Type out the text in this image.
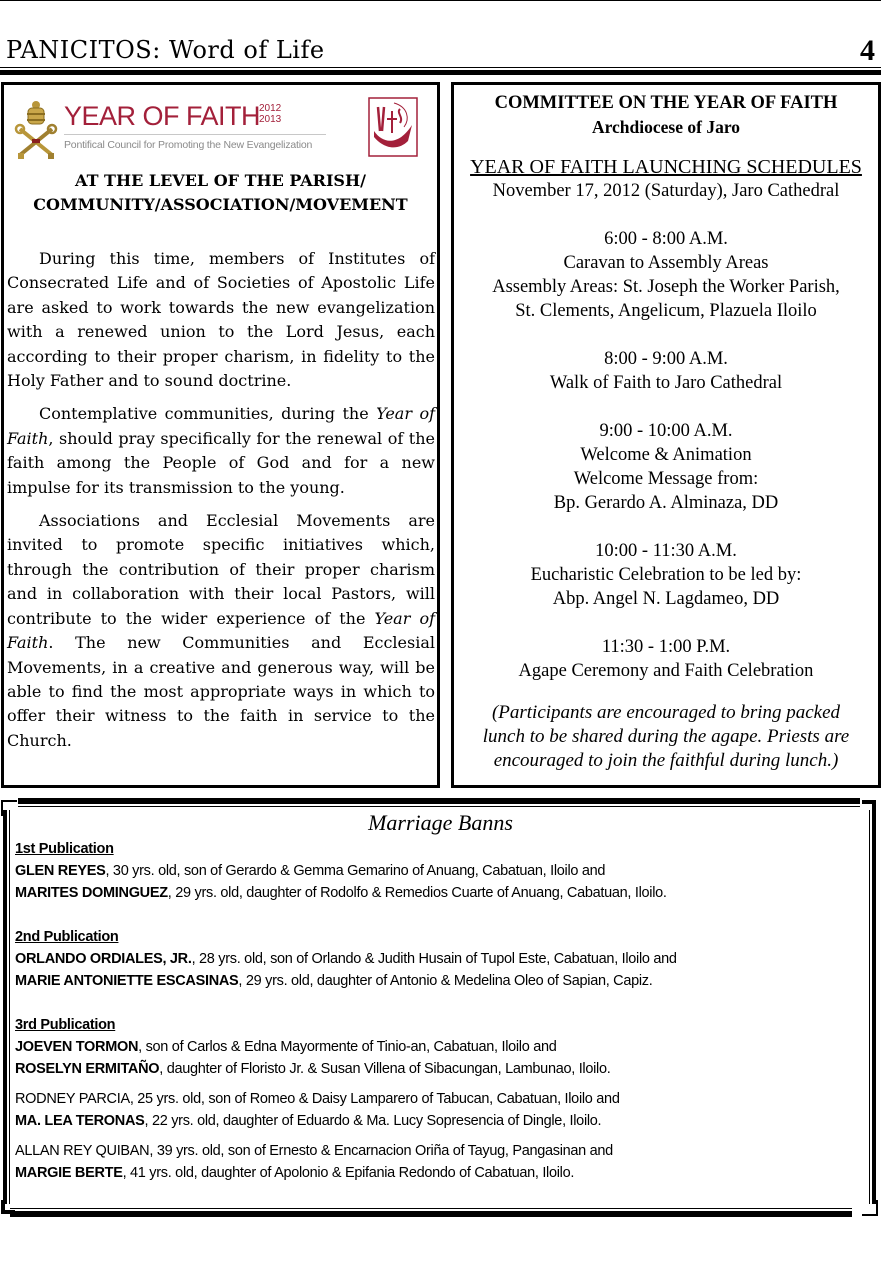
PANICITOS: Word of Life	4
YEAR OF FAITH
2012
2013
Pontifical Council for Promoting the New Evangelization
AT THE LEVEL OF THE PARISH/
COMMUNITY/ASSOCIATION/MOVEMENT

During this time, members of Institutes of Consecrated Life and of Societies of Apostolic Life are asked to work towards the new evangelization with a renewed union to the Lord Jesus, each according to their proper charism, in fidelity to the Holy Father and to sound doctrine.

Contemplative communities, during the Year of Faith, should pray specifically for the renewal of the faith among the People of God and for a new impulse for its transmission to the young.

Associations and Ecclesial Movements are invited to promote specific initiatives which, through the contribution of their proper charism and in collaboration with their local Pastors, will contribute to the wider experience of the Year of Faith. The new Communities and Ecclesial Movements, in a creative and generous way, will be able to find the most appropriate ways in which to offer their witness to the faith in service to the Church.

COMMITTEE ON THE YEAR OF FAITH
Archdiocese of Jaro
YEAR OF FAITH LAUNCHING SCHEDULES
November 17, 2012 (Saturday), Jaro Cathedral
6:00 - 8:00 A.M.
Caravan to Assembly Areas
Assembly Areas: St. Joseph the Worker Parish,
St. Clements, Angelicum, Plazuela Iloilo
8:00 - 9:00 A.M.
Walk of Faith to Jaro Cathedral
9:00 - 10:00 A.M.
Welcome & Animation
Welcome Message from:
Bp. Gerardo A. Alminaza, DD
10:00 - 11:30 A.M.
Eucharistic Celebration to be led by:
Abp. Angel N. Lagdameo, DD
11:30 - 1:00 P.M.
Agape Ceremony and Faith Celebration
(Participants are encouraged to bring packed
lunch to be shared during the agape. Priests are
encouraged to join the faithful during lunch.)
Marriage Banns
1st Publication
GLEN REYES, 30 yrs. old, son of Gerardo & Gemma Gemarino of Anuang, Cabatuan, Iloilo and
MARITES DOMINGUEZ, 29 yrs. old, daughter of Rodolfo & Remedios Cuarte of Anuang, Cabatuan, Iloilo.
2nd Publication
ORLANDO ORDIALES, JR., 28 yrs. old, son of Orlando & Judith Husain of Tupol Este, Cabatuan, Iloilo and
MARIE ANTONIETTE ESCASINAS, 29 yrs. old, daughter of Antonio & Medelina Oleo of Sapian, Capiz.
3rd Publication
JOEVEN TORMON, son of Carlos & Edna Mayormente of Tinio-an, Cabatuan, Iloilo and
ROSELYN ERMITAÑO, daughter of Floristo Jr. & Susan Villena of Sibacungan, Lambunao, Iloilo.
RODNEY PARCIA, 25 yrs. old, son of Romeo & Daisy Lamparero of Tabucan, Cabatuan, Iloilo and
MA. LEA TERONAS, 22 yrs. old, daughter of Eduardo & Ma. Lucy Sopresencia of Dingle, Iloilo.
ALLAN REY QUIBAN, 39 yrs. old, son of Ernesto & Encarnacion Oriña of Tayug, Pangasinan and
MARGIE BERTE, 41 yrs. old, daughter of Apolonio & Epifania Redondo of Cabatuan, Iloilo.
